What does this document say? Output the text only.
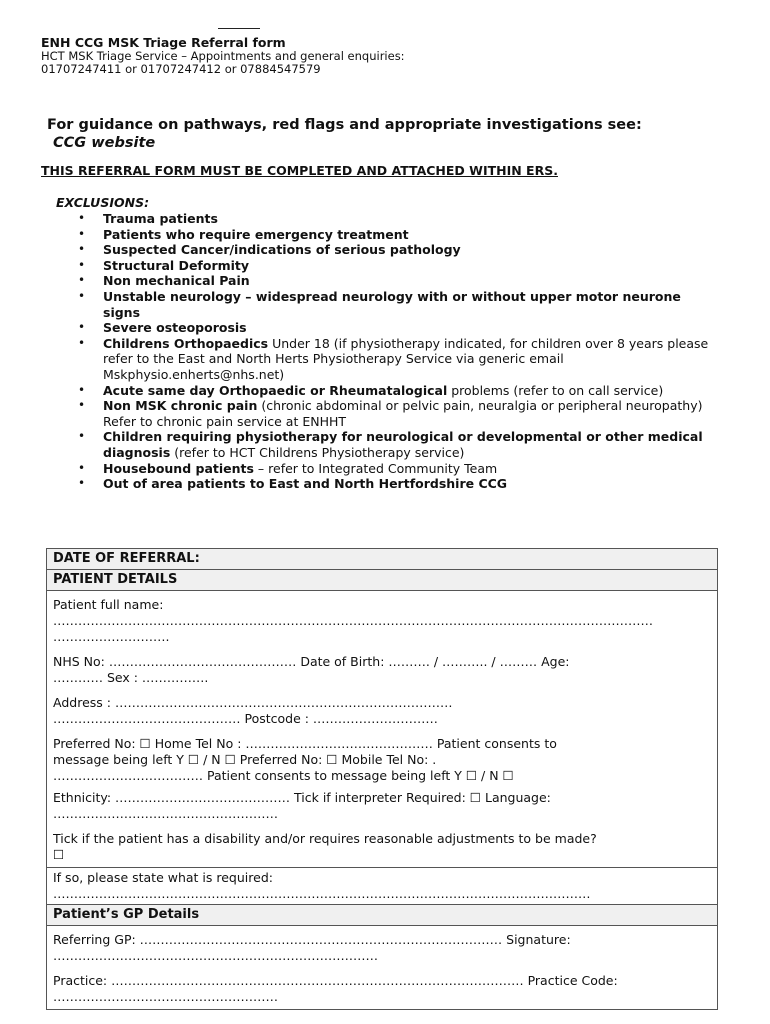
ENH CCG MSK Triage Referral form
HCT MSK Triage Service – Appointments and general enquiries:
01707247411 or 01707247412 or 07884547579
For guidance on pathways, red flags and appropriate investigations see:
CCG website
THIS REFERRAL FORM MUST BE COMPLETED AND ATTACHED WITHIN ERS.
EXCLUSIONS:
• Trauma patients
• Patients who require emergency treatment
• Suspected Cancer/indications of serious pathology
• Structural Deformity
• Non mechanical Pain
• Unstable neurology – widespread neurology with or without upper motor neurone signs
• Severe osteoporosis
• Childrens Orthopaedics Under 18 (if physiotherapy indicated, for children over 8 years please refer to the East and North Herts Physiotherapy Service via generic email Mskphysio.enherts@nhs.net)
• Acute same day Orthopaedic or Rheumatalogical problems (refer to on call service)
• Non MSK chronic pain (chronic abdominal or pelvic pain, neuralgia or peripheral neuropathy) Refer to chronic pain service at ENHHT
• Children requiring physiotherapy for neurological or developmental or other medical diagnosis (refer to HCT Childrens Physiotherapy service)
• Housebound patients – refer to Integrated Community Team
• Out of area patients to East and North Hertfordshire CCG
DATE OF REFERRAL:
PATIENT DETAILS
Patient full name:
………………………………………………………………………………………………………………………………
……………………….
NHS No: ……………………………………… Date of Birth: ………. / ……….. / ……… Age:
………… Sex : …………….
Address : ………………………………………………………………………
……………………………………… Postcode : …………………………
Preferred No: ☐ Home Tel No : ……………………………………… Patient consents to
message being left Y ☐ / N ☐ Preferred No: ☐ Mobile Tel No: .
……………………………… Patient consents to message being left Y ☐ / N ☐
Ethnicity: …………………………………… Tick if interpreter Required: ☐ Language:
………………………………………………
Tick if the patient has a disability and/or requires reasonable adjustments to be made?
☐
If so, please state what is required:
…………………………………………………………………………………………………………………
Patient’s GP Details
Referring GP: …………………………………………………………………………… Signature:
……………………………………………………………………
Practice: ……………………………………………………………………………………… Practice Code:
………………………………………………
